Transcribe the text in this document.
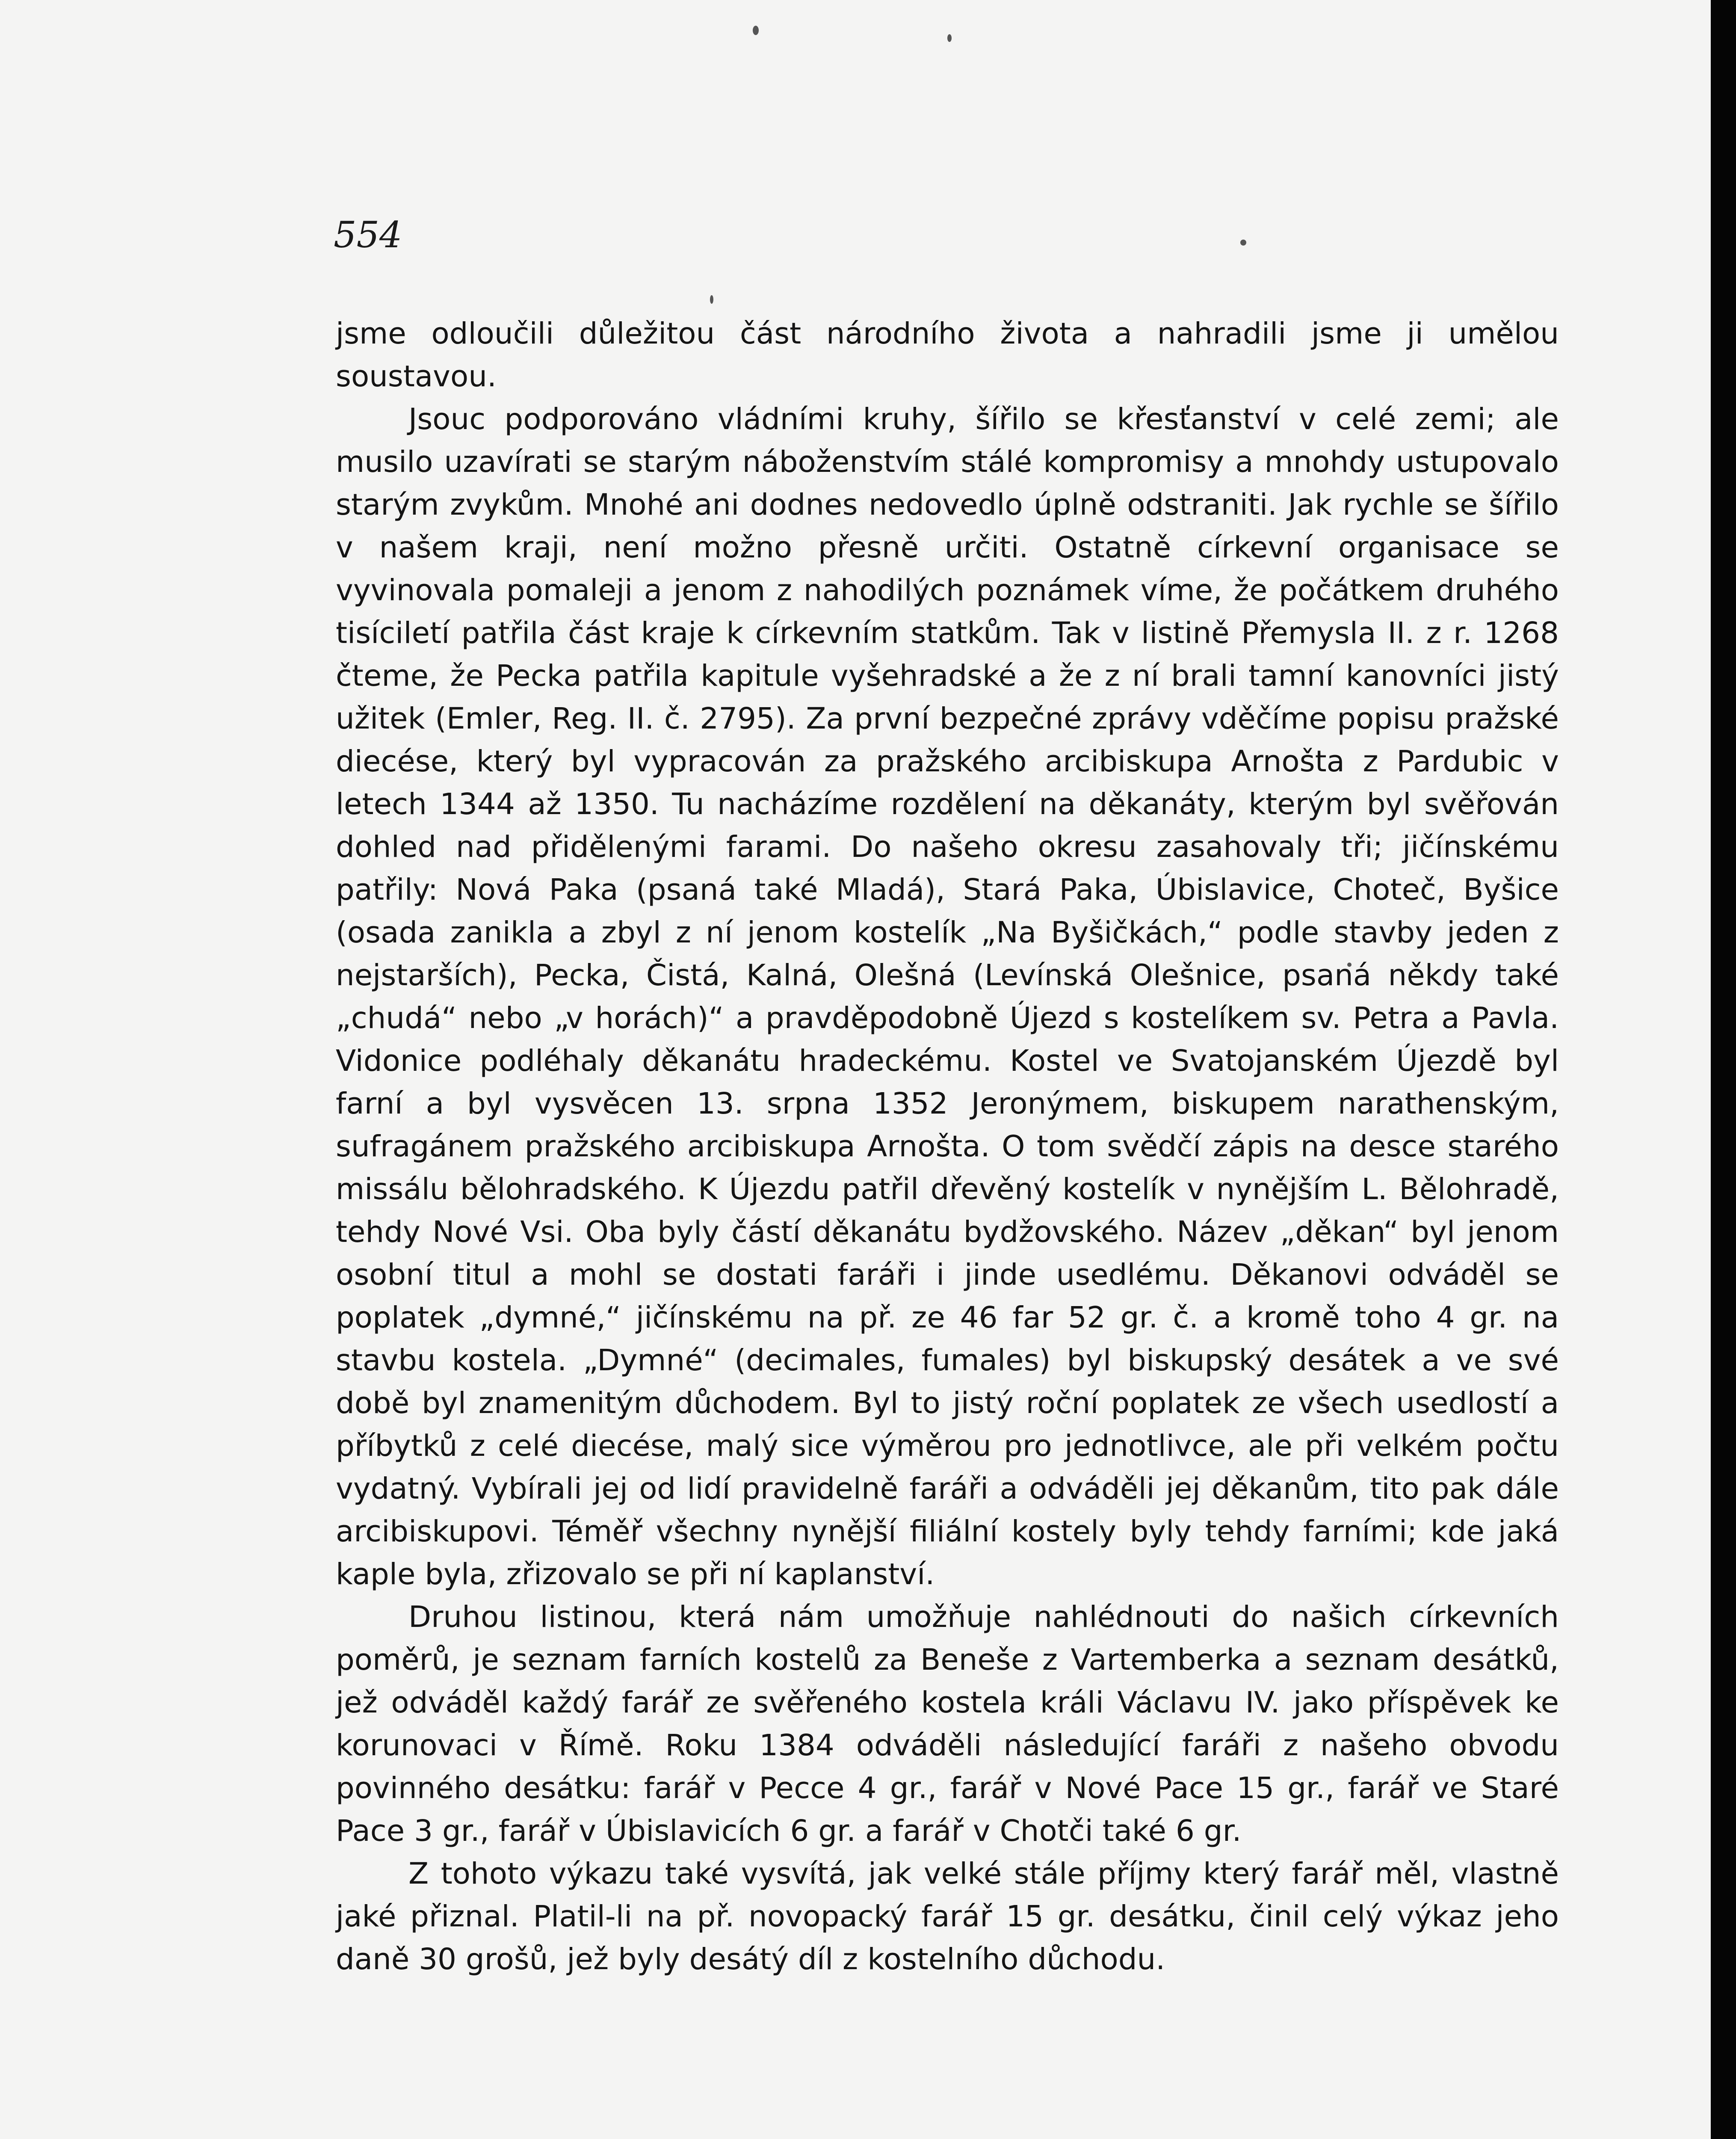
554

jsme odloučili důležitou část národního života a nahradili jsme ji umělou soustavou.

Jsouc podporováno vládními kruhy, šířilo se křesťanství v celé zemi; ale musilo uzavírati se starým náboženstvím stálé kompromisy a mnohdy ustupovalo starým zvykům. Mnohé ani dodnes nedovedlo úplně odstraniti. Jak rychle se šířilo v našem kraji, není možno přesně určiti. Ostatně církevní organisace se vyvinovala pomaleji a jenom z nahodilých poznámek víme, že počátkem druhého tisíciletí patřila část kraje k církevním statkům. Tak v listině Přemysla II. z r. 1268 čteme, že Pecka patřila kapitule vyšehradské a že z ní brali tamní kanovníci jistý užitek (Emler, Reg. II. č. 2795). Za první bezpečné zprávy vděčíme popisu pražské diecése, který byl vypracován za pražského arcibiskupa Arnošta z Pardubic v letech 1344 až 1350. Tu nacházíme rozdělení na děkanáty, kterým byl svěřován dohled nad přidělenými farami. Do našeho okresu zasahovaly tři; jičínskému patřily: Nová Paka (psaná také Mladá), Stará Paka, Úbislavice, Choteč, Byšice (osada zanikla a zbyl z ní jenom kostelík „Na Byšičkách,“ podle stavby jeden z nejstarších), Pecka, Čistá, Kalná, Olešná (Levínská Olešnice, psaná někdy také „chudá“ nebo „v horách)“ a pravděpodobně Újezd s kostelíkem sv. Petra a Pavla. Vidonice podléhaly děkanátu hradeckému. Kostel ve Svatojanském Újezdě byl farní a byl vysvěcen 13. srpna 1352 Jeronýmem, biskupem narathenským, sufragánem pražského arcibiskupa Arnošta. O tom svědčí zápis na desce starého missálu bělohradského. K Újezdu patřil dřevěný kostelík v nynějším L. Bělohradě, tehdy Nové Vsi. Oba byly částí děkanátu bydžovského. Název „děkan“ byl jenom osobní titul a mohl se dostati faráři i jinde usedlému. Děkanovi odváděl se poplatek „dymné,“ jičínskému na př. ze 46 far 52 gr. č. a kromě toho 4 gr. na stavbu kostela. „Dymné“ (decimales, fumales) byl biskupský desátek a ve své době byl znamenitým důchodem. Byl to jistý roční poplatek ze všech usedlostí a příbytků z celé diecése, malý sice výměrou pro jednotlivce, ale při velkém počtu vydatný. Vybírali jej od lidí pravidelně faráři a odváděli jej děkanům, tito pak dále arcibiskupovi. Téměř všechny nynější filiální kostely byly tehdy farními; kde jaká kaple byla, zřizovalo se při ní kaplanství.

Druhou listinou, která nám umožňuje nahlédnouti do našich církevních poměrů, je seznam farních kostelů za Beneše z Vartemberka a seznam desátků, jež odváděl každý farář ze svěřeného kostela králi Václavu IV. jako příspěvek ke korunovaci v Římě. Roku 1384 odváděli následující faráři z našeho obvodu povinného desátku: farář v Pecce 4 gr., farář v Nové Pace 15 gr., farář ve Staré Pace 3 gr., farář v Úbislavicích 6 gr. a farář v Chotči také 6 gr.

Z tohoto výkazu také vysvítá, jak velké stále příjmy který farář měl, vlastně jaké přiznal. Platil-li na př. novopacký farář 15 gr. desátku, činil celý výkaz jeho daně 30 grošů, jež byly desátý díl z kostelního důchodu.
